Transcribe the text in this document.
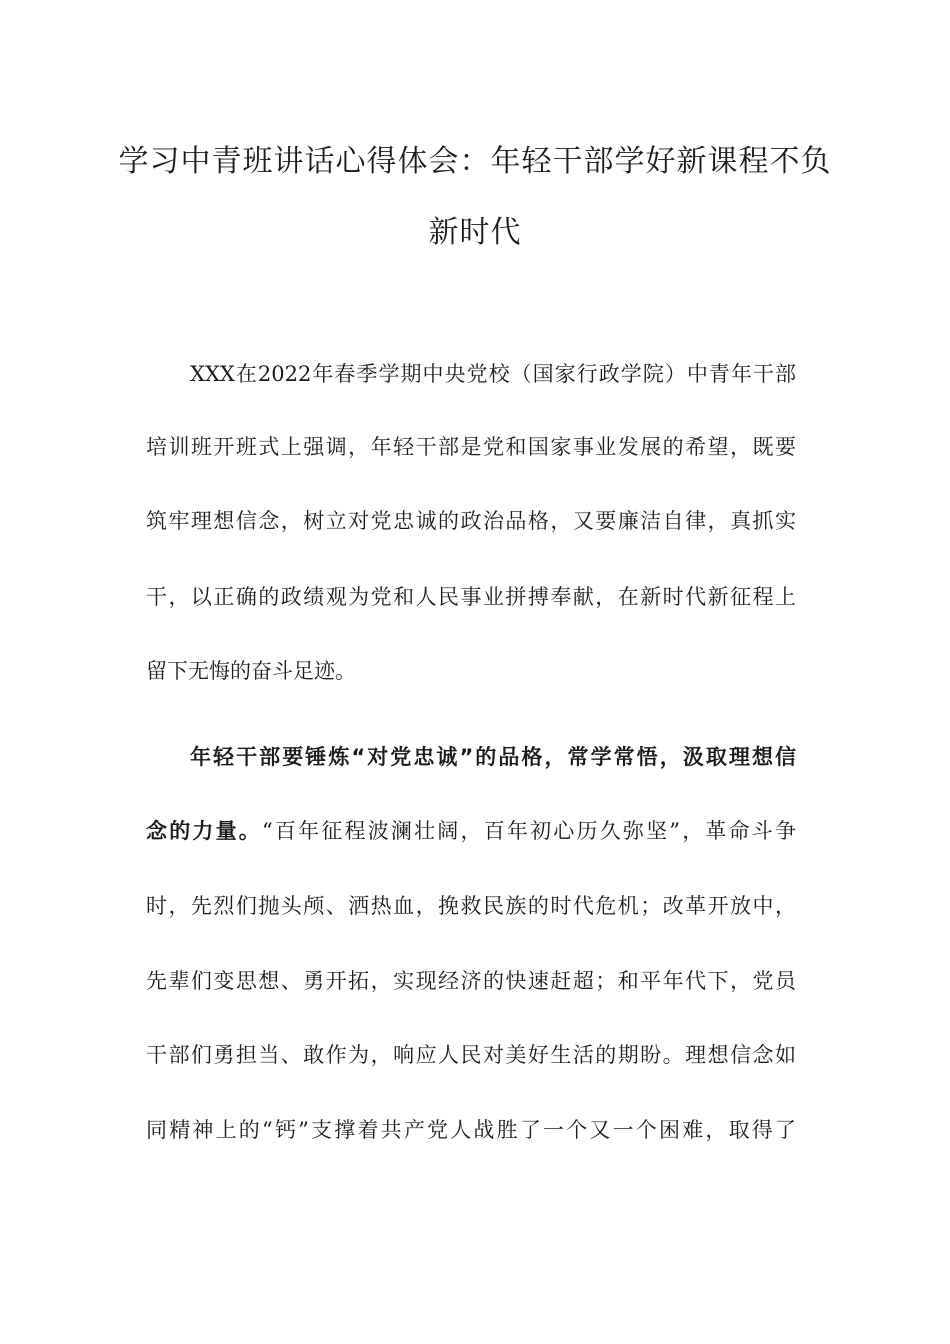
学习中青班讲话心得体会：年轻干部学好新课程不负
新时代
XXX在2022年春季学期中央党校（国家行政学院）中青年干部
培训班开班式上强调，年轻干部是党和国家事业发展的希望，既要
筑牢理想信念，树立对党忠诚的政治品格，又要廉洁自律，真抓实
干，以正确的政绩观为党和人民事业拼搏奉献，在新时代新征程上
留下无悔的奋斗足迹。
年轻干部要锤炼“对党忠诚”的品格，常学常悟，汲取理想信
念的力量。“百年征程波澜壮阔，百年初心历久弥坚”，革命斗争
时，先烈们抛头颅、洒热血，挽救民族的时代危机；改革开放中，
先辈们变思想、勇开拓，实现经济的快速赶超；和平年代下，党员
干部们勇担当、敢作为，响应人民对美好生活的期盼。理想信念如
同精神上的“钙”支撑着共产党人战胜了一个又一个困难，取得了
